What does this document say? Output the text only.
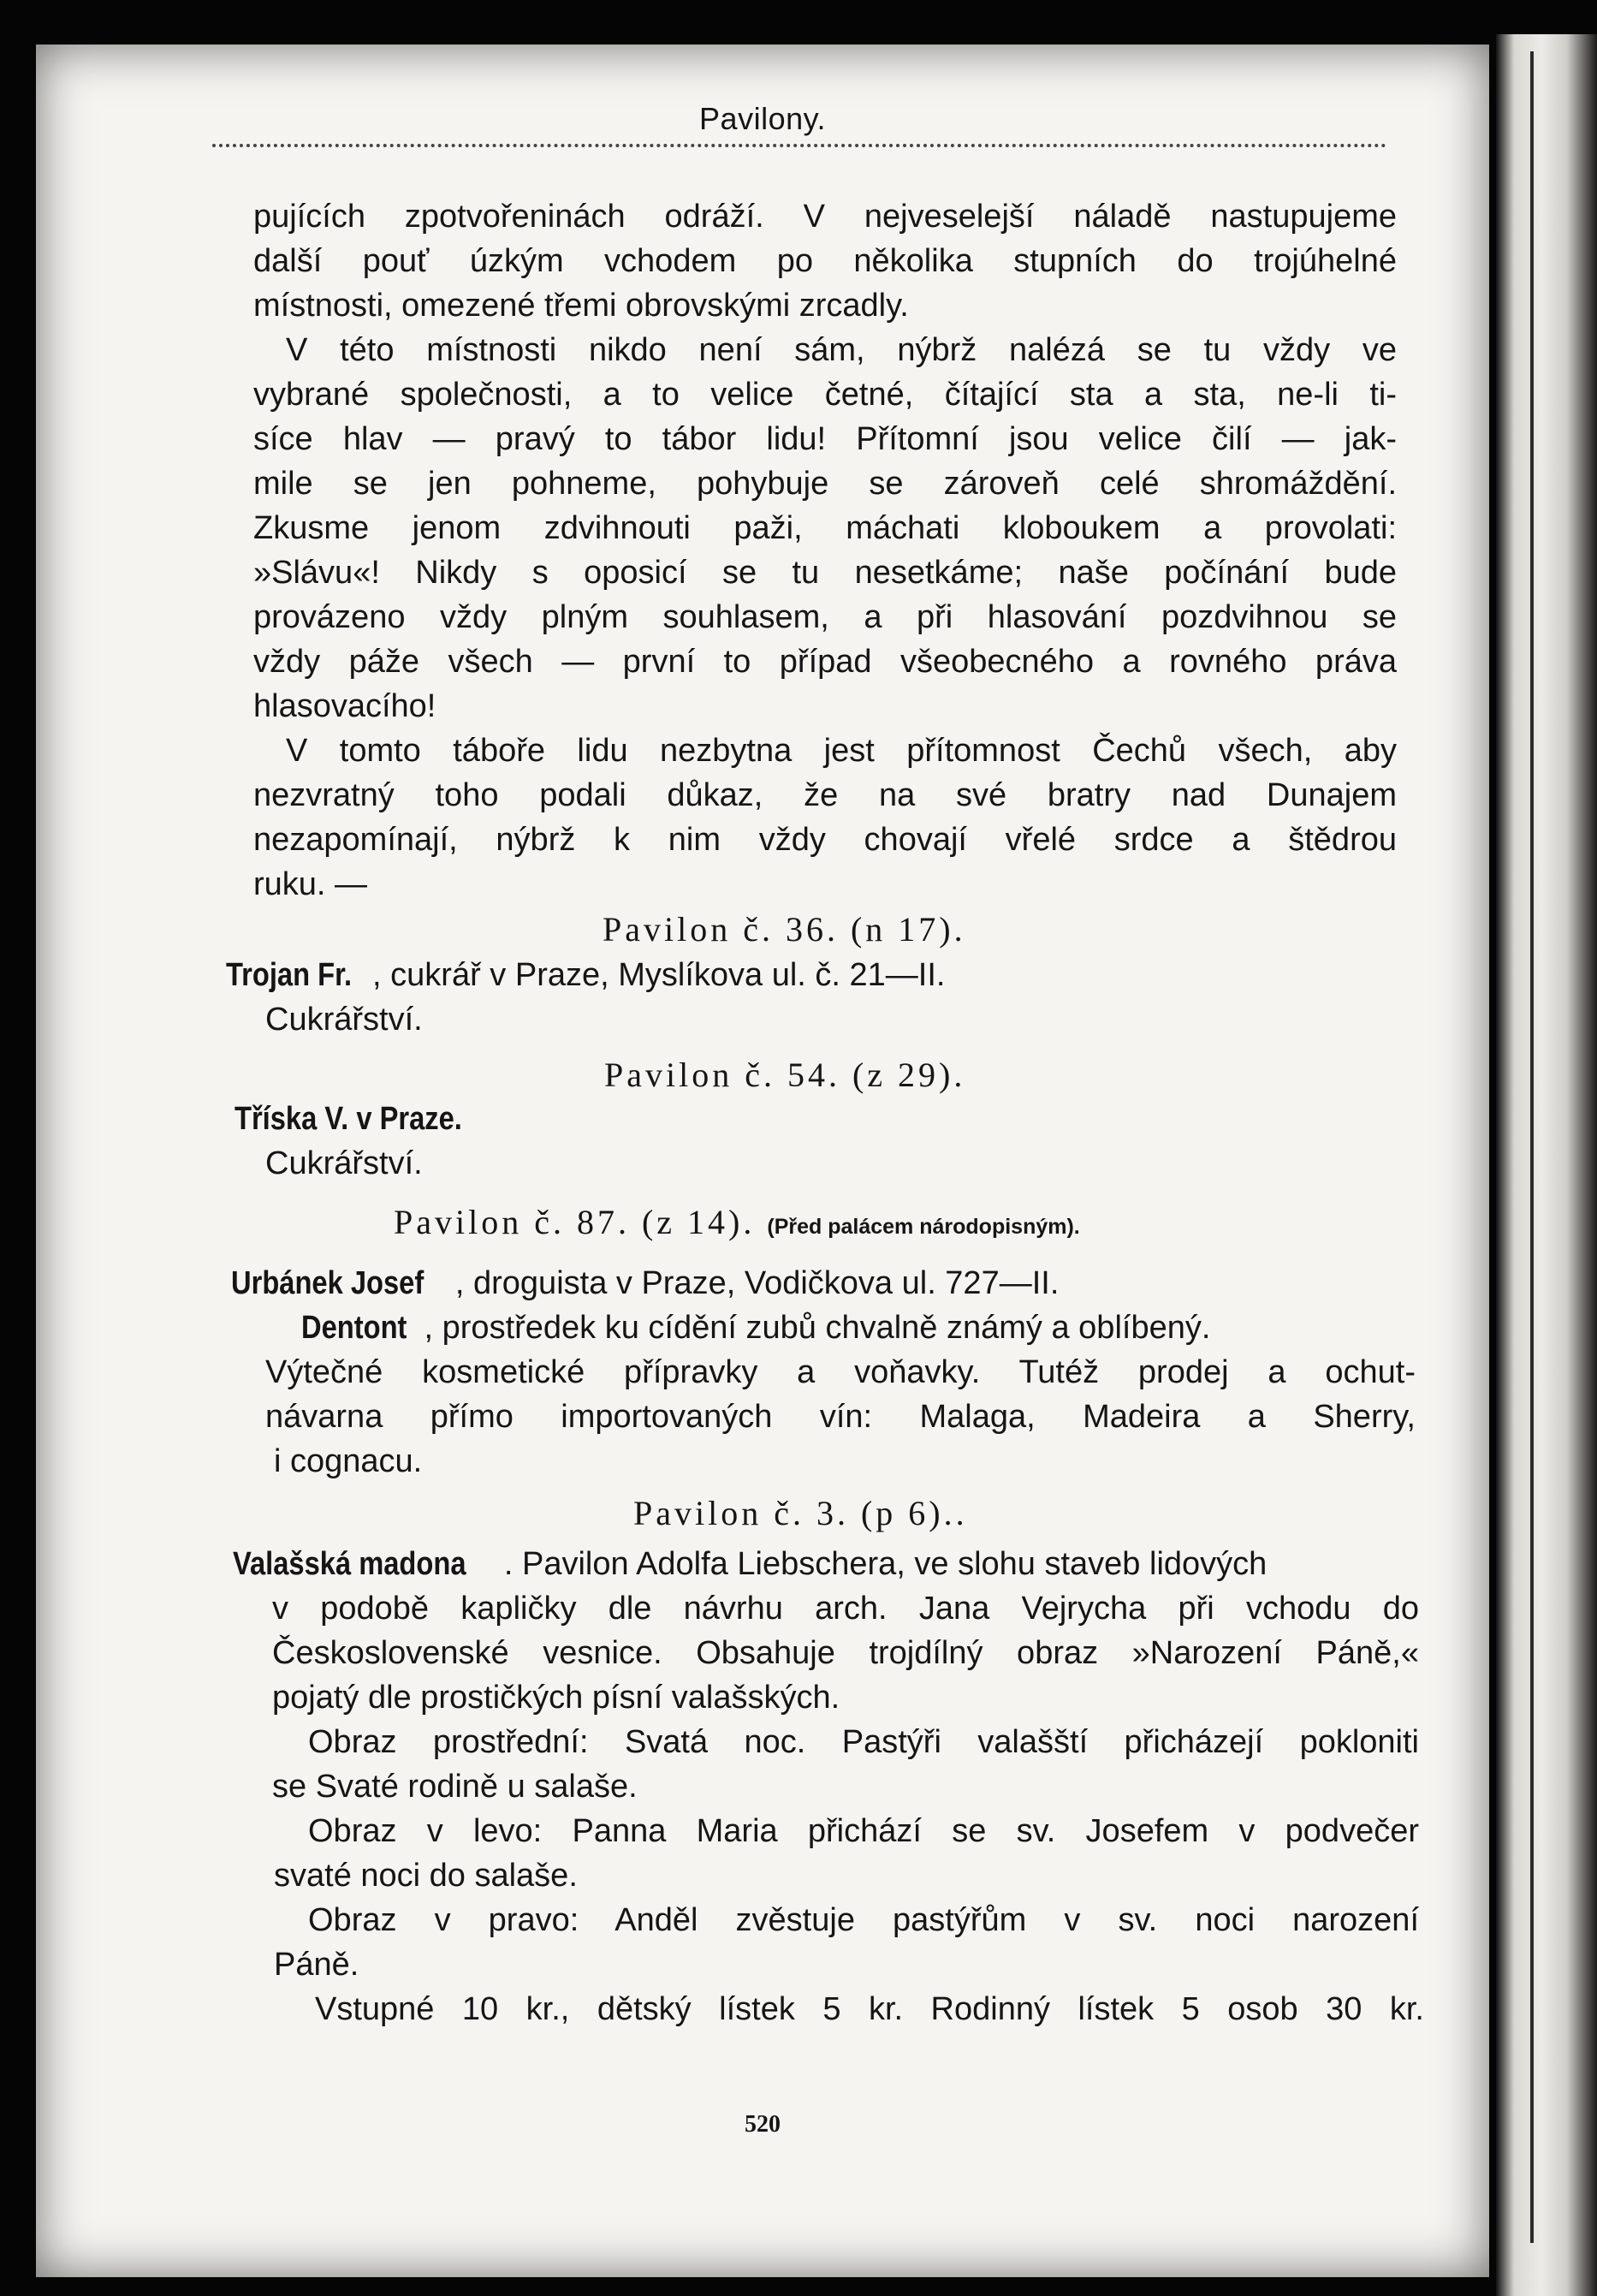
Pavilony.
pujících zpotvořeninách odráží. V nejveselejší náladě nastupujeme
další pouť úzkým vchodem po několika stupních do trojúhelné
místnosti, omezené třemi obrovskými zrcadly.
V této místnosti nikdo není sám, nýbrž nalézá se tu vždy ve
vybrané společnosti, a to velice četné, čítající sta a sta, ne-li ti-
síce hlav — pravý to tábor lidu! Přítomní jsou velice čilí — jak-
mile se jen pohneme, pohybuje se zároveň celé shromáždění.
Zkusme jenom zdvihnouti paži, máchati kloboukem a provolati:
»Slávu«! Nikdy s oposicí se tu nesetkáme; naše počínání bude
provázeno vždy plným souhlasem, a při hlasování pozdvihnou se
vždy páže všech — první to případ všeobecného a rovného práva
hlasovacího!
V tomto táboře lidu nezbytna jest přítomnost Čechů všech, aby
nezvratný toho podali důkaz, že na své bratry nad Dunajem
nezapomínají, nýbrž k nim vždy chovají vřelé srdce a štědrou
ruku. —
Pavilon č. 36. (n 17).
Trojan Fr. , cukrář v Praze, Myslíkova ul. č. 21—II.
Cukrářství.
Pavilon č. 54. (z 29).
Tříska V. v Praze.
Cukrářství.
Pavilon č. 87. (z 14). (Před palácem národopisným).
Urbánek Josef , droguista v Praze, Vodičkova ul. 727—II.
Dentont , prostředek ku cídění zubů chvalně známý a oblíbený.
Výtečné kosmetické přípravky a voňavky. Tutéž prodej a ochut-
návarna přímo importovaných vín: Malaga, Madeira a Sherry,
i cognacu.
Pavilon č. 3. (p 6)..
Valašská madona . Pavilon Adolfa Liebschera, ve slohu staveb lidových
v podobě kapličky dle návrhu arch. Jana Vejrycha při vchodu do
Československé vesnice. Obsahuje trojdílný obraz »Narození Páně,«
pojatý dle prostičkých písní valašských.
Obraz prostřední: Svatá noc. Pastýři valašští přicházejí pokloniti
se Svaté rodině u salaše.
Obraz v levo: Panna Maria přichází se sv. Josefem v podvečer
svaté noci do salaše.
Obraz v pravo: Anděl zvěstuje pastýřům v sv. noci narození
Páně.
Vstupné 10 kr., dětský lístek 5 kr. Rodinný lístek 5 osob 30 kr.
520
